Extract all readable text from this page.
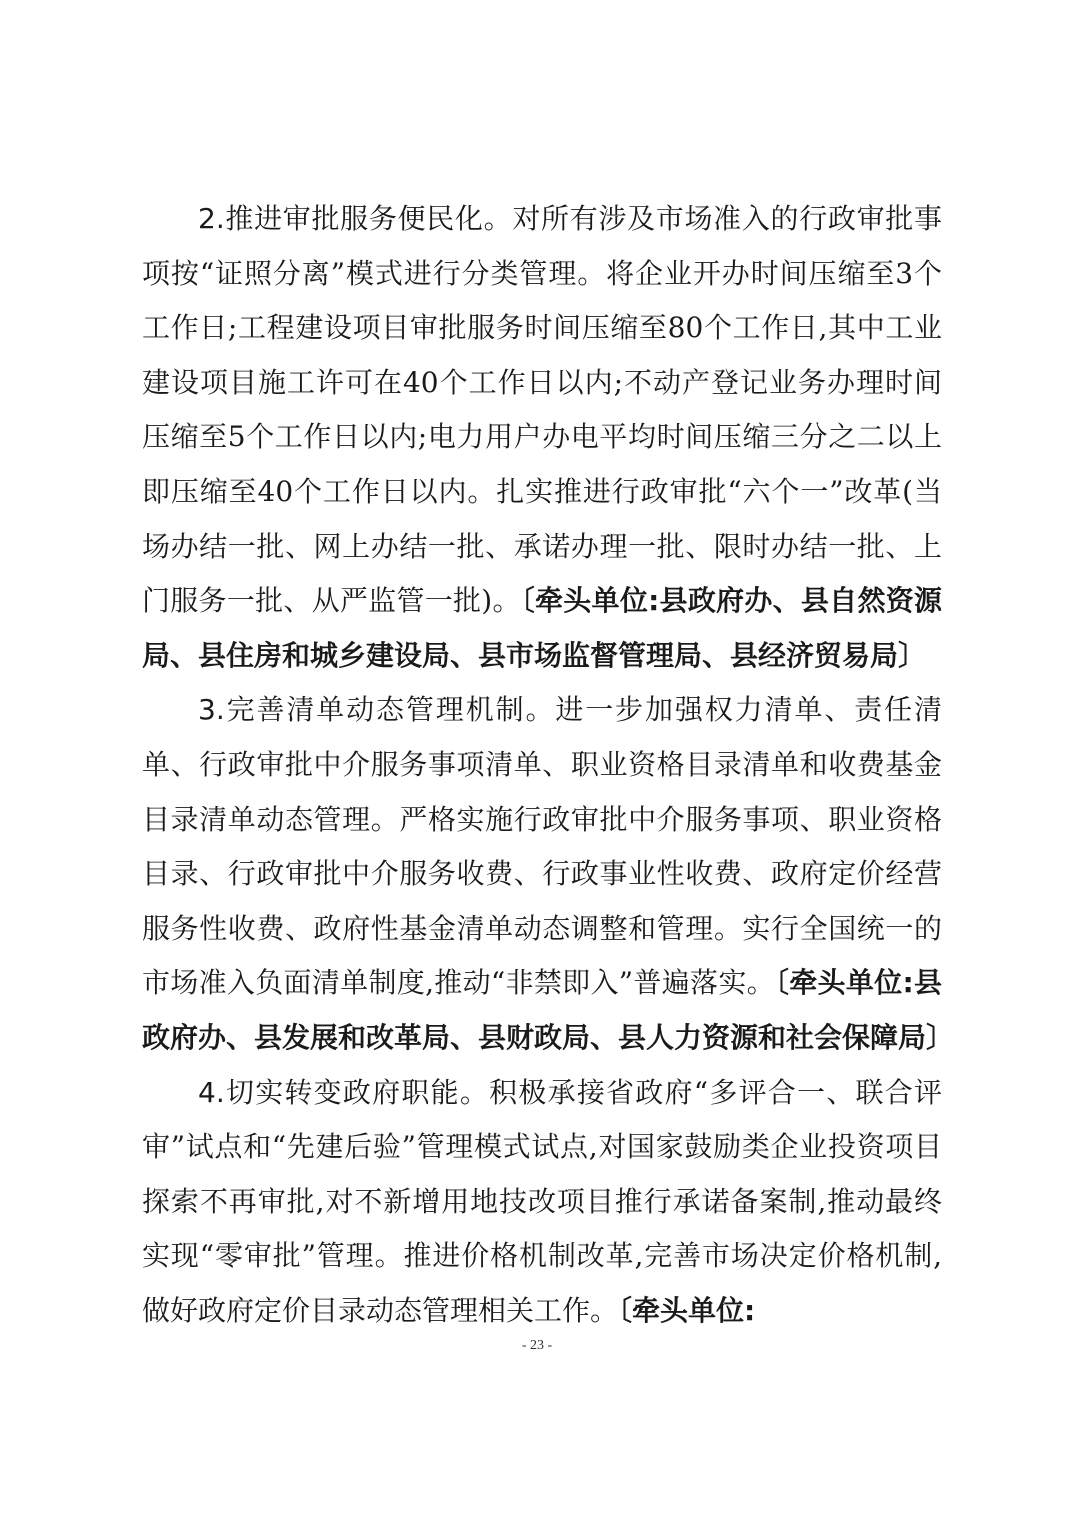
2.推进审批服务便民化。对所有涉及市场准入的行政审批事项按“证照分离”模式进行分类管理。将企业开办时间压缩至3个工作日;工程建设项目审批服务时间压缩至80个工作日,其中工业建设项目施工许可在40个工作日以内;不动产登记业务办理时间压缩至5个工作日以内;电力用户办电平均时间压缩三分之二以上即压缩至40个工作日以内。扎实推进行政审批“六个一”改革(当场办结一批、网上办结一批、承诺办理一批、限时办结一批、上门服务一批、从严监管一批)。〔牵头单位:县政府办、县自然资源局、县住房和城乡建设局、县市场监督管理局、县经济贸易局〕

3.完善清单动态管理机制。进一步加强权力清单、责任清单、行政审批中介服务事项清单、职业资格目录清单和收费基金目录清单动态管理。严格实施行政审批中介服务事项、职业资格目录、行政审批中介服务收费、行政事业性收费、政府定价经营服务性收费、政府性基金清单动态调整和管理。实行全国统一的市场准入负面清单制度,推动“非禁即入”普遍落实。〔牵头单位:县政府办、县发展和改革局、县财政局、县人力资源和社会保障局〕

4.切实转变政府职能。积极承接省政府“多评合一、联合评审”试点和“先建后验”管理模式试点,对国家鼓励类企业投资项目探索不再审批,对不新增用地技改项目推行承诺备案制,推动最终实现“零审批”管理。推进价格机制改革,完善市场决定价格机制,做好政府定价目录动态管理相关工作。〔牵头单位:

- 23 -
